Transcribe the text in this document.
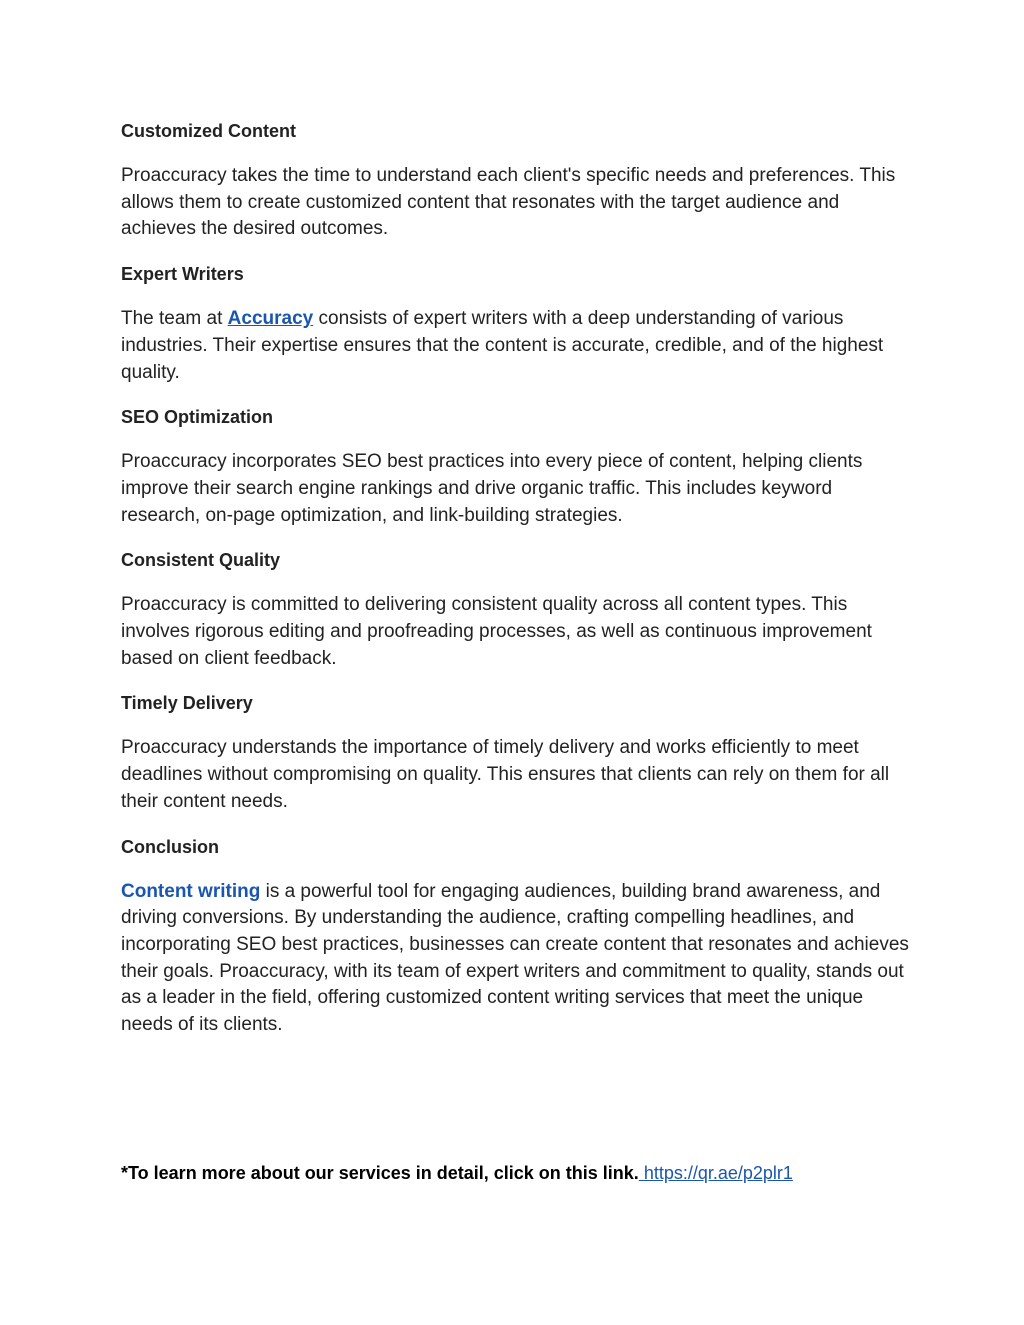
Customized Content
Proaccuracy takes the time to understand each client's specific needs and preferences. This allows them to create customized content that resonates with the target audience and achieves the desired outcomes.
Expert Writers
The team at Accuracy consists of expert writers with a deep understanding of various industries. Their expertise ensures that the content is accurate, credible, and of the highest quality.
SEO Optimization
Proaccuracy incorporates SEO best practices into every piece of content, helping clients improve their search engine rankings and drive organic traffic. This includes keyword research, on-page optimization, and link-building strategies.
Consistent Quality
Proaccuracy is committed to delivering consistent quality across all content types. This involves rigorous editing and proofreading processes, as well as continuous improvement based on client feedback.
Timely Delivery
Proaccuracy understands the importance of timely delivery and works efficiently to meet deadlines without compromising on quality. This ensures that clients can rely on them for all their content needs.
Conclusion
Content writing is a powerful tool for engaging audiences, building brand awareness, and driving conversions. By understanding the audience, crafting compelling headlines, and incorporating SEO best practices, businesses can create content that resonates and achieves their goals. Proaccuracy, with its team of expert writers and commitment to quality, stands out as a leader in the field, offering customized content writing services that meet the unique needs of its clients.
*To learn more about our services in detail, click on this link. https://qr.ae/p2plr1
